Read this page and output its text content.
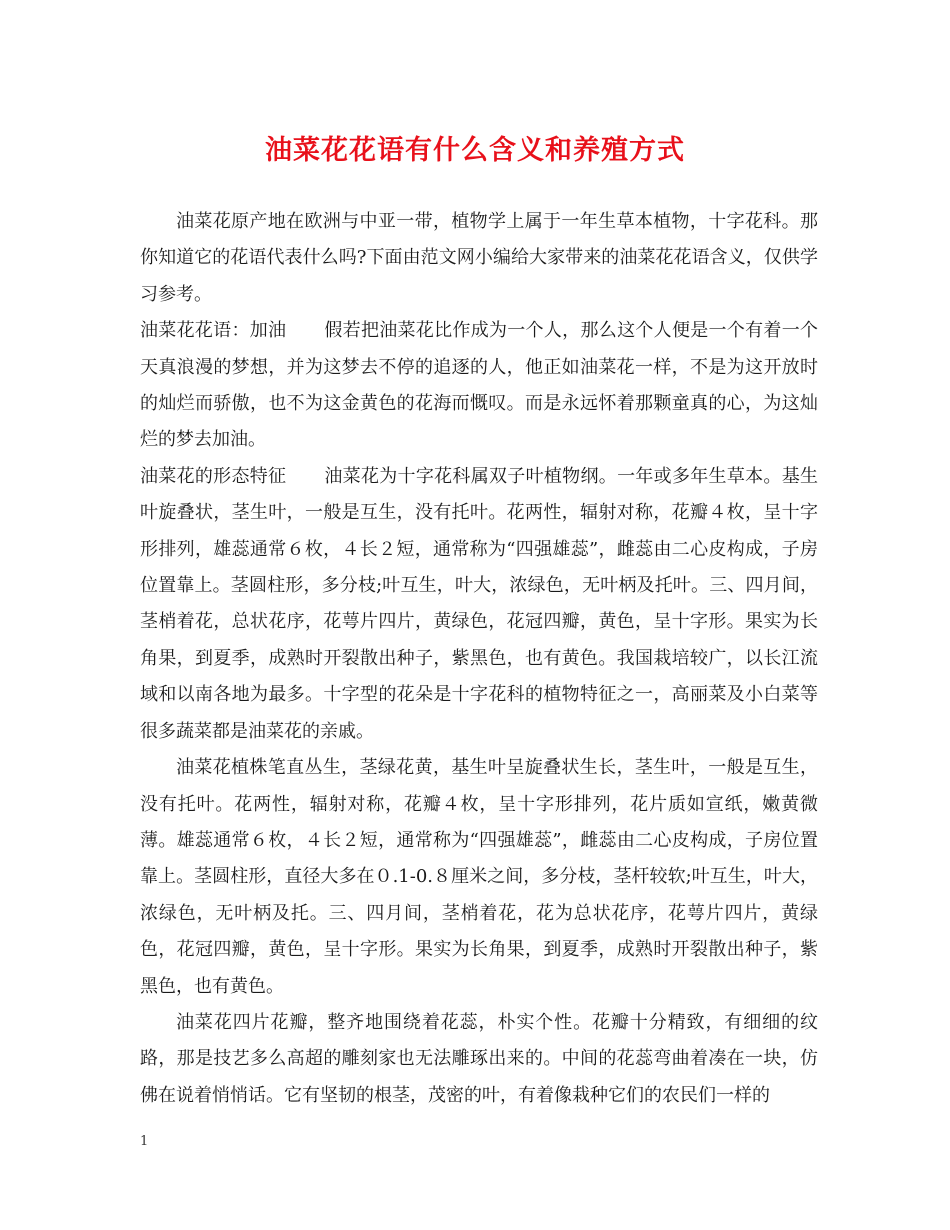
油菜花花语有什么含义和养殖方式

油菜花原产地在欧洲与中亚一带，植物学上属于一年生草本植物，十字花科。那你知道它的花语代表什么吗?下面由范文网小编给大家带来的油菜花花语含义，仅供学习参考。

油菜花花语：加油 假若把油菜花比作成为一个人，那么这个人便是一个有着一个天真浪漫的梦想，并为这梦去不停的追逐的人，他正如油菜花一样，不是为这开放时的灿烂而骄傲，也不为这金黄色的花海而慨叹。而是永远怀着那颗童真的心，为这灿烂的梦去加油。

油菜花的形态特征 油菜花为十字花科属双子叶植物纲。一年或多年生草本。基生叶旋叠状，茎生叶，一般是互生，没有托叶。花两性，辐射对称，花瓣４枚，呈十字形排列，雄蕊通常６枚，４长２短，通常称为“四强雄蕊”，雌蕊由二心皮构成，子房位置靠上。茎圆柱形，多分枝;叶互生，叶大，浓绿色，无叶柄及托叶。三、四月间，茎梢着花，总状花序，花萼片四片，黄绿色，花冠四瓣，黄色，呈十字形。果实为长角果，到夏季，成熟时开裂散出种子，紫黑色，也有黄色。我国栽培较广，以长江流域和以南各地为最多。十字型的花朵是十字花科的植物特征之一，高丽菜及小白菜等很多蔬菜都是油菜花的亲戚。

油菜花植株笔直丛生，茎绿花黄，基生叶呈旋叠状生长，茎生叶，一般是互生，没有托叶。花两性，辐射对称，花瓣４枚，呈十字形排列，花片质如宣纸，嫩黄微薄。雄蕊通常６枚，４长２短，通常称为“四强雄蕊”，雌蕊由二心皮构成，子房位置靠上。茎圆柱形，直径大多在０.1-0.８厘米之间，多分枝，茎杆较软;叶互生，叶大，浓绿色，无叶柄及托。三、四月间，茎梢着花，花为总状花序，花萼片四片，黄绿色，花冠四瓣，黄色，呈十字形。果实为长角果，到夏季，成熟时开裂散出种子，紫黑色，也有黄色。

油菜花四片花瓣，整齐地围绕着花蕊，朴实个性。花瓣十分精致，有细细的纹路，那是技艺多么高超的雕刻家也无法雕琢出来的。中间的花蕊弯曲着凑在一块，仿佛在说着悄悄话。它有坚韧的根茎，茂密的叶，有着像栽种它们的农民们一样的

1
